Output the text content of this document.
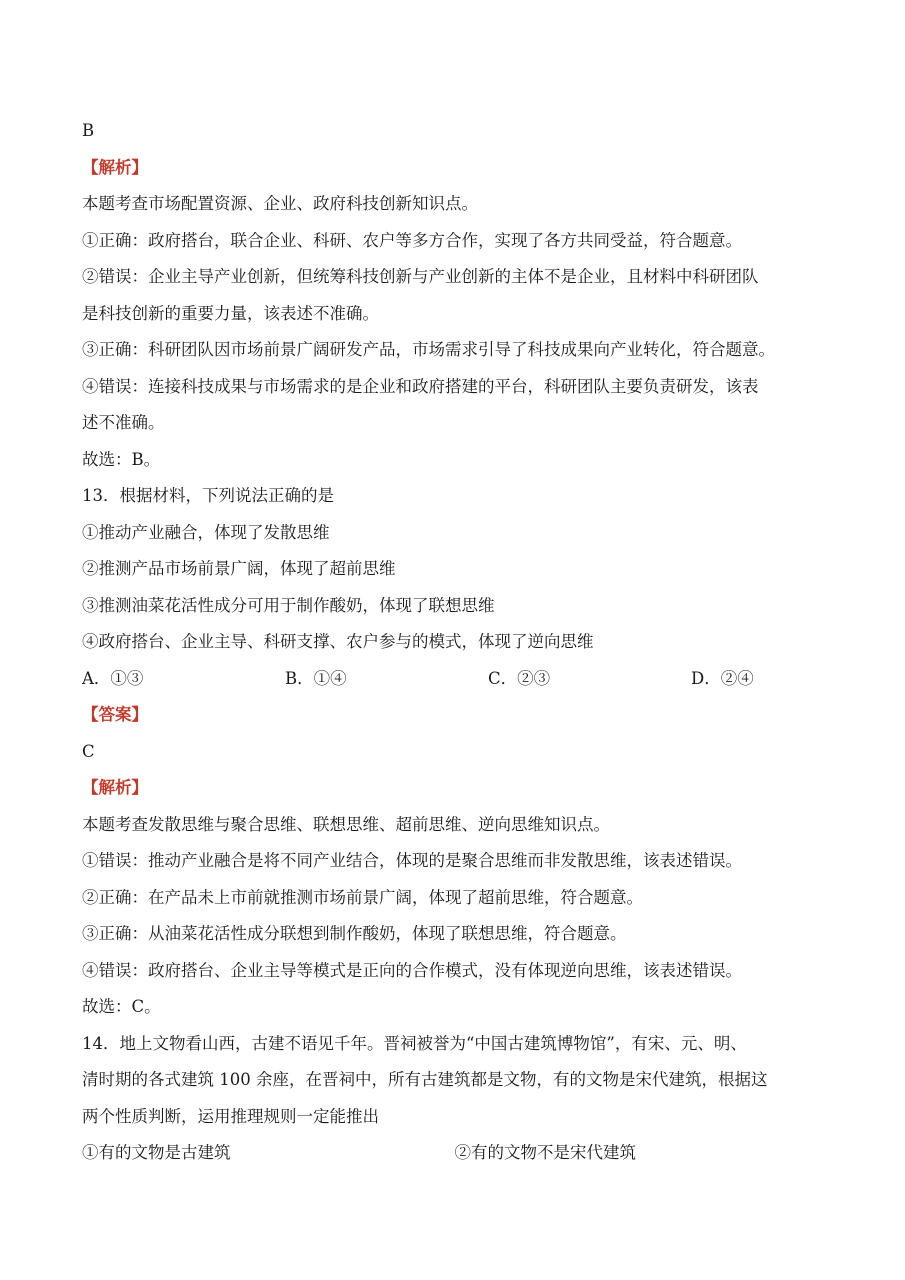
B
【解析】
本题考查市场配置资源、企业、政府科技创新知识点。
①正确：政府搭台，联合企业、科研、农户等多方合作，实现了各方共同受益，符合题意。
②错误：企业主导产业创新，但统筹科技创新与产业创新的主体不是企业，且材料中科研团队
是科技创新的重要力量，该表述不准确。
③正确：科研团队因市场前景广阔研发产品，市场需求引导了科技成果向产业转化，符合题意。
④错误：连接科技成果与市场需求的是企业和政府搭建的平台，科研团队主要负责研发，该表
述不准确。
故选：B。
13．根据材料，下列说法正确的是
①推动产业融合，体现了发散思维
②推测产品市场前景广阔，体现了超前思维
③推测油菜花活性成分可用于制作酸奶，体现了联想思维
④政府搭台、企业主导、科研支撑、农户参与的模式，体现了逆向思维
A．①③	B．①④	C．②③	D．②④
【答案】
C
【解析】
本题考查发散思维与聚合思维、联想思维、超前思维、逆向思维知识点。
①错误：推动产业融合是将不同产业结合，体现的是聚合思维而非发散思维，该表述错误。
②正确：在产品未上市前就推测市场前景广阔，体现了超前思维，符合题意。
③正确：从油菜花活性成分联想到制作酸奶，体现了联想思维，符合题意。
④错误：政府搭台、企业主导等模式是正向的合作模式，没有体现逆向思维，该表述错误。
故选：C。
14．地上文物看山西，古建不语见千年。晋祠被誉为“中国古建筑博物馆”，有宋、元、明、
清时期的各式建筑 100 余座，在晋祠中，所有古建筑都是文物，有的文物是宋代建筑，根据这
两个性质判断，运用推理规则一定能推出
①有的文物是古建筑	②有的文物不是宋代建筑
